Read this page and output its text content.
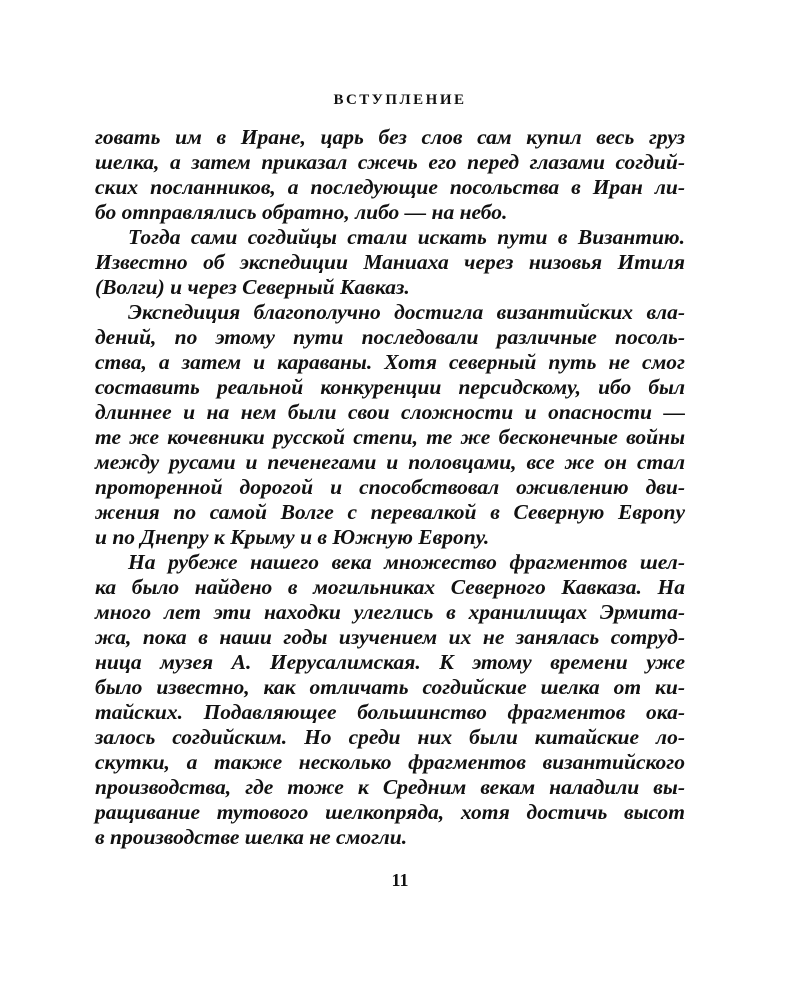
ВСТУПЛЕНИЕ
говать им в Иране, царь без слов сам купил весь груз
шелка, а затем приказал сжечь его перед глазами согдий-
ских посланников, а последующие посольства в Иран ли-
бо отправлялись обратно, либо — на небо.
Тогда сами согдийцы стали искать пути в Византию.
Известно об экспедиции Маниаха через низовья Итиля
(Волги) и через Северный Кавказ.
Экспедиция благополучно достигла византийских вла-
дений, по этому пути последовали различные посоль-
ства, а затем и караваны. Хотя северный путь не смог
составить реальной конкуренции персидскому, ибо был
длиннее и на нем были свои сложности и опасности —
те же кочевники русской степи, те же бесконечные войны
между русами и печенегами и половцами, все же он стал
проторенной дорогой и способствовал оживлению дви-
жения по самой Волге с перевалкой в Северную Европу
и по Днепру к Крыму и в Южную Европу.
На рубеже нашего века множество фрагментов шел-
ка было найдено в могильниках Северного Кавказа. На
много лет эти находки улеглись в хранилищах Эрмита-
жа, пока в наши годы изучением их не занялась сотруд-
ница музея А. Иерусалимская. К этому времени уже
было известно, как отличать согдийские шелка от ки-
тайских. Подавляющее большинство фрагментов ока-
залось согдийским. Но среди них были китайские ло-
скутки, а также несколько фрагментов византийского
производства, где тоже к Средним векам наладили вы-
ращивание тутового шелкопряда, хотя достичь высот
в производстве шелка не смогли.
11
